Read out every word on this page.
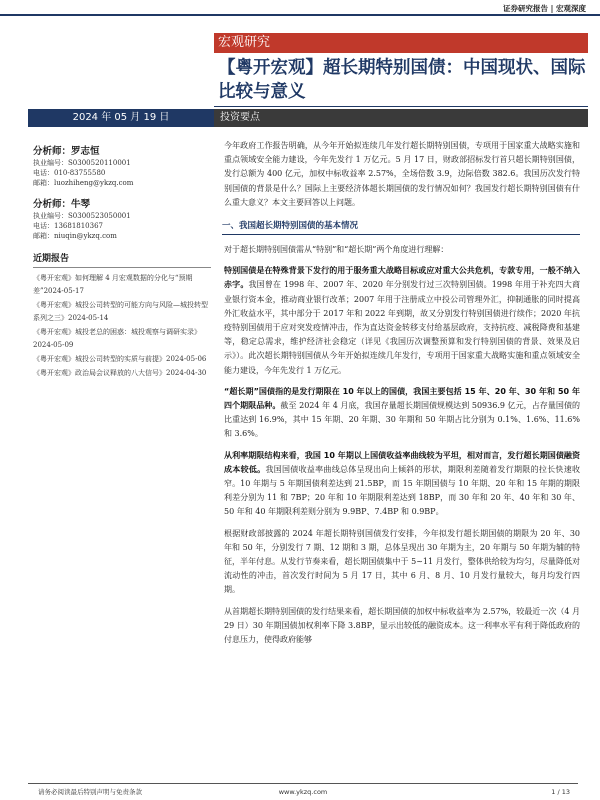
证券研究报告 | 宏观深度
宏观研究
【粤开宏观】超长期特别国债：中国现状、国际比较与意义
2024 年 05 月 19 日	投资要点
分析师：罗志恒
执业编号：S0300520110001
电话：010-83755580
邮箱：luozhiheng@ykzq.com
分析师：牛琴
执业编号：S0300523050001
电话：13681810367
邮箱：niuqin@ykzq.com
近期报告
《粤开宏观》如何理解 4 月宏观数据的分化与“预期差”2024-05-17
《粤开宏观》城投公司转型的可能方向与风险—城投转型系列之三》2024-05-14
《粤开宏观》城投老总的困惑：城投观察与调研实录》2024-05-09
《粤开宏观》城投公司转型的实质与前提》2024-05-06
《粤开宏观》政治局会议释放的八大信号》2024-04-30

今年政府工作报告明确，从今年开始拟连续几年发行超长期特别国债，专项用于国家重大战略实施和重点领域安全能力建设，今年先发行 1 万亿元。5 月 17 日，财政部招标发行首只超长期特别国债，发行总额为 400 亿元，加权中标收益率 2.57%，全场倍数 3.9，边际倍数 382.6。我国历次发行特别国债的背景是什么？国际上主要经济体超长期国债的发行情况如何？我国发行超长期特别国债有什么重大意义？本文主要回答以上问题。

一、我国超长期特别国债的基本情况

对于超长期特别国债需从“特别”和“超长期”两个角度进行理解：

特别国债是在特殊背景下发行的用于服务重大战略目标或应对重大公共危机，专款专用，一般不纳入赤字。我国曾在 1998 年、2007 年、2020 年分别发行过三次特别国债。1998 年用于补充四大商业银行资本金，推动商业银行改革；2007 年用于注册成立中投公司管理外汇，抑制通胀的同时提高外汇收益水平，其中部分于 2017 年和 2022 年到期，故又分别发行特别国债进行续作；2020 年抗疫特别国债用于应对突发疫情冲击，作为直达资金转移支付给基层政府，支持抗疫、减税降费和基建等，稳定总需求，维护经济社会稳定（详见《我国历次调整预算和发行特别国债的背景、效果及启示》）。此次超长期特别国债从今年开始拟连续几年发行，专项用于国家重大战略实施和重点领域安全能力建设，今年先发行 1 万亿元。

“超长期”国债指的是发行期限在 10 年以上的国债，我国主要包括 15 年、20 年、30 年和 50 年四个期限品种。截至 2024 年 4 月底，我国存量超长期国债规模达到 50936.9 亿元，占存量国债的比重达到 16.9%，其中 15 年期、20 年期、30 年期和 50 年期占比分别为 0.1%、1.6%、11.6%和 3.6%。

从利率期限结构来看，我国 10 年期以上国债收益率曲线较为平坦，相对而言，发行超长期国债融资成本较低。我国国债收益率曲线总体呈现出向上倾斜的形状，期限利差随着发行期限的拉长快速收窄。10 年期与 5 年期国债利差达到 21.5BP，而 15 年期国债与 10 年期、20 年和 15 年期的期限利差分别为 11 和 7BP；20 年和 10 年期限利差达到 18BP，而 30 年和 20 年、40 年和 30 年、50 年和 40 年期限利差则分别为 9.9BP、7.4BP 和 0.9BP。

根据财政部披露的 2024 年超长期特别国债发行安排，今年拟发行超长期国债的期限为 20 年、30 年和 50 年，分别发行 7 期、12 期和 3 期，总体呈现出 30 年期为主，20 年期与 50 年期为辅的特征，半年付息。从发行节奏来看，超长期国债集中于 5~11 月发行，整体供给较为均匀，尽量降低对流动性的冲击，首次发行时间为 5 月 17 日，其中 6 月、8 月、10 月发行量较大，每月均发行四期。

从首期超长期特别国债的发行结果来看，超长期国债的加权中标收益率为 2.57%，较最近一次（4 月 29 日）30 年期国债加权利率下降 3.8BP，显示出较低的融资成本。这一利率水平有利于降低政府的付息压力，使得政府能够

请务必阅读最后特别声明与免责条款	www.ykzq.com	1 / 13
